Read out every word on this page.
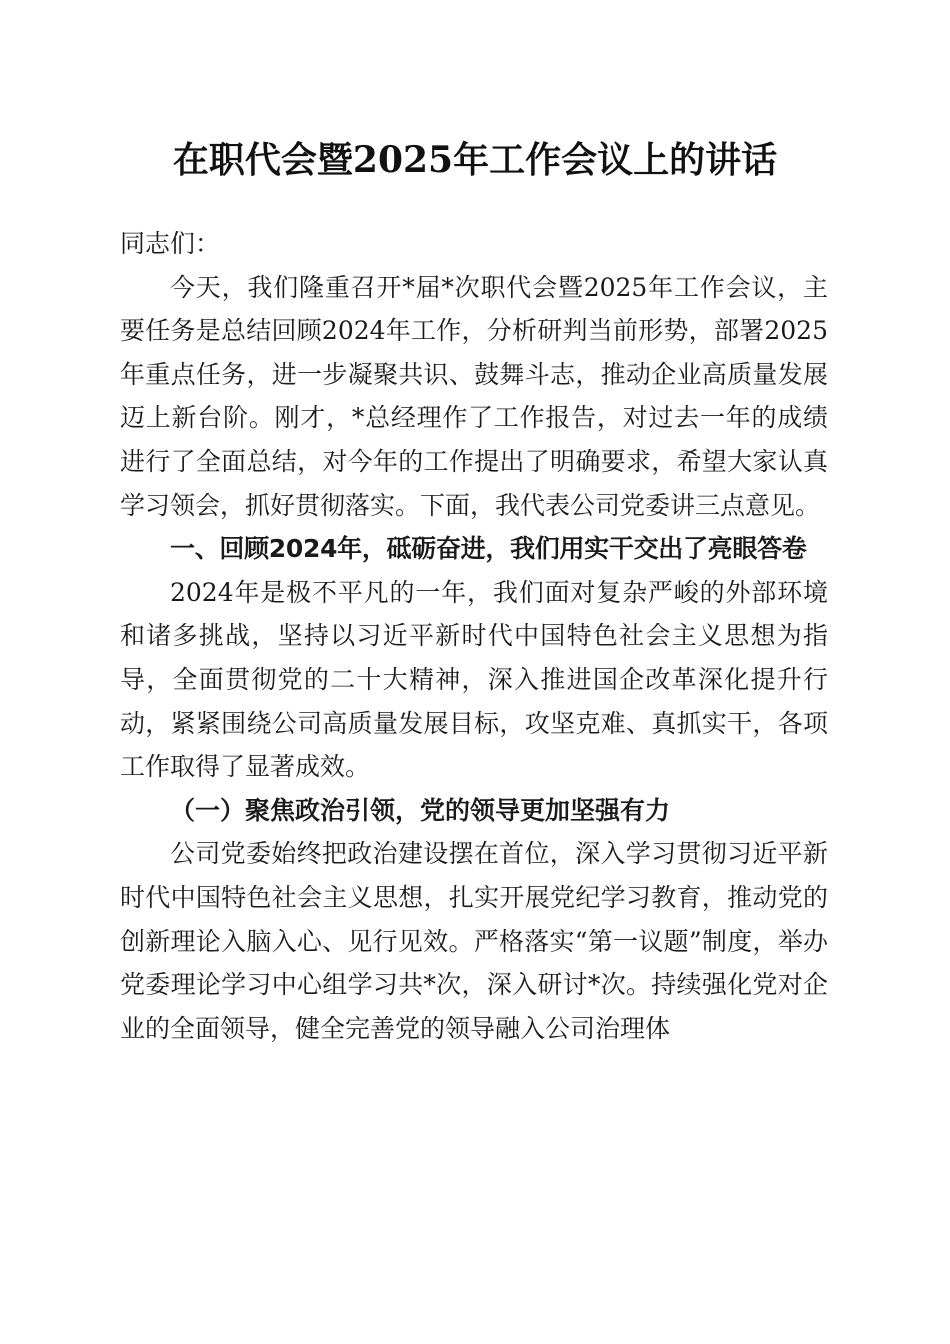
在职代会暨2025年工作会议上的讲话

同志们：

今天，我们隆重召开*届*次职代会暨2025年工作会议，主要任务是总结回顾2024年工作，分析研判当前形势，部署2025年重点任务，进一步凝聚共识、鼓舞斗志，推动企业高质量发展迈上新台阶。刚才，*总经理作了工作报告，对过去一年的成绩进行了全面总结，对今年的工作提出了明确要求，希望大家认真学习领会，抓好贯彻落实。下面，我代表公司党委讲三点意见。

一、回顾2024年，砥砺奋进，我们用实干交出了亮眼答卷

2024年是极不平凡的一年，我们面对复杂严峻的外部环境和诸多挑战，坚持以习近平新时代中国特色社会主义思想为指导，全面贯彻党的二十大精神，深入推进国企改革深化提升行动，紧紧围绕公司高质量发展目标，攻坚克难、真抓实干，各项工作取得了显著成效。

（一）聚焦政治引领，党的领导更加坚强有力

公司党委始终把政治建设摆在首位，深入学习贯彻习近平新时代中国特色社会主义思想，扎实开展党纪学习教育，推动党的创新理论入脑入心、见行见效。严格落实“第一议题”制度，举办党委理论学习中心组学习共*次，深入研讨*次。持续强化党对企业的全面领导，健全完善党的领导融入公司治理体
